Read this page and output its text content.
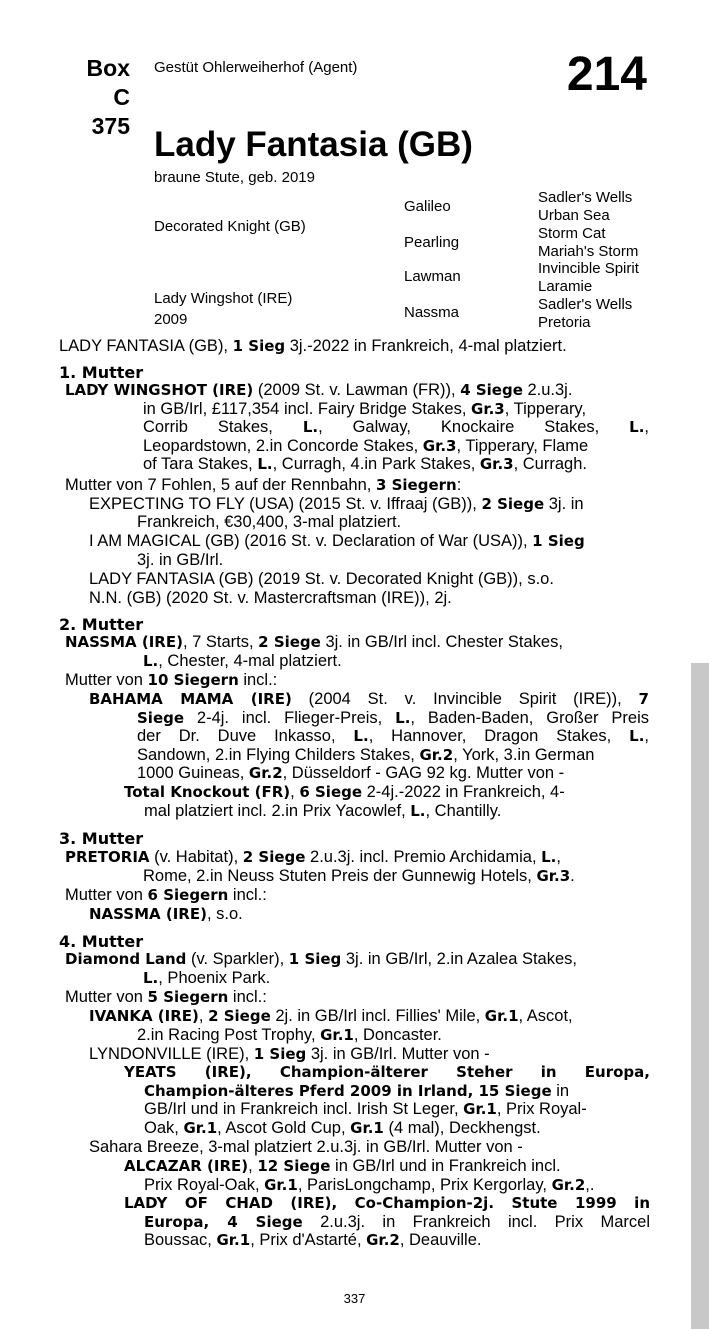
Box
C 375
Gestüt Ohlerweiherhof (Agent)	214
Lady Fantasia (GB)
braune Stute, geb. 2019
Decorated Knight (GB)
Lady Wingshot (IRE)
2009
Galileo
Pearling
Lawman
Nassma
Sadler's Wells
Urban Sea
Storm Cat
Mariah's Storm
Invincible Spirit
Laramie
Sadler's Wells
Pretoria
LADY FANTASIA (GB), 1 Sieg 3j.-2022 in Frankreich, 4-mal platziert.
1. Mutter
LADY WINGSHOT (IRE) (2009 St. v. Lawman (FR)), 4 Siege 2.u.3j.
in GB/Irl, £117,354 incl. Fairy Bridge Stakes, Gr.3, Tipperary,
Corrib Stakes, L., Galway, Knockaire Stakes, L.,
Leopardstown, 2.in Concorde Stakes, Gr.3, Tipperary, Flame
of Tara Stakes, L., Curragh, 4.in Park Stakes, Gr.3, Curragh.
Mutter von 7 Fohlen, 5 auf der Rennbahn, 3 Siegern:
EXPECTING TO FLY (USA) (2015 St. v. Iffraaj (GB)), 2 Siege 3j. in
Frankreich, €30,400, 3-mal platziert.
I AM MAGICAL (GB) (2016 St. v. Declaration of War (USA)), 1 Sieg
3j. in GB/Irl.
LADY FANTASIA (GB) (2019 St. v. Decorated Knight (GB)), s.o.
N.N. (GB) (2020 St. v. Mastercraftsman (IRE)), 2j.
2. Mutter
NASSMA (IRE), 7 Starts, 2 Siege 3j. in GB/Irl incl. Chester Stakes,
L., Chester, 4-mal platziert.
Mutter von 10 Siegern incl.:
BAHAMA MAMA (IRE) (2004 St. v. Invincible Spirit (IRE)), 7
Siege 2-4j. incl. Flieger-Preis, L., Baden-Baden, Großer Preis
der Dr. Duve Inkasso, L., Hannover, Dragon Stakes, L.,
Sandown, 2.in Flying Childers Stakes, Gr.2, York, 3.in German
1000 Guineas, Gr.2, Düsseldorf - GAG 92 kg. Mutter von -
Total Knockout (FR), 6 Siege 2-4j.-2022 in Frankreich, 4-
mal platziert incl. 2.in Prix Yacowlef, L., Chantilly.
3. Mutter
PRETORIA (v. Habitat), 2 Siege 2.u.3j. incl. Premio Archidamia, L.,
Rome, 2.in Neuss Stuten Preis der Gunnewig Hotels, Gr.3.
Mutter von 6 Siegern incl.:
NASSMA (IRE), s.o.
4. Mutter
Diamond Land (v. Sparkler), 1 Sieg 3j. in GB/Irl, 2.in Azalea Stakes,
L., Phoenix Park.
Mutter von 5 Siegern incl.:
IVANKA (IRE), 2 Siege 2j. in GB/Irl incl. Fillies' Mile, Gr.1, Ascot,
2.in Racing Post Trophy, Gr.1, Doncaster.
LYNDONVILLE (IRE), 1 Sieg 3j. in GB/Irl. Mutter von -
YEATS (IRE), Champion-älterer Steher in Europa,
Champion-älteres Pferd 2009 in Irland, 15 Siege in
GB/Irl und in Frankreich incl. Irish St Leger, Gr.1, Prix Royal-
Oak, Gr.1, Ascot Gold Cup, Gr.1 (4 mal), Deckhengst.
Sahara Breeze, 3-mal platziert 2.u.3j. in GB/Irl. Mutter von -
ALCAZAR (IRE), 12 Siege in GB/Irl und in Frankreich incl.
Prix Royal-Oak, Gr.1, ParisLongchamp, Prix Kergorlay, Gr.2,.
LADY OF CHAD (IRE), Co-Champion-2j. Stute 1999 in
Europa, 4 Siege 2.u.3j. in Frankreich incl. Prix Marcel
Boussac, Gr.1, Prix d'Astarté, Gr.2, Deauville.
337
